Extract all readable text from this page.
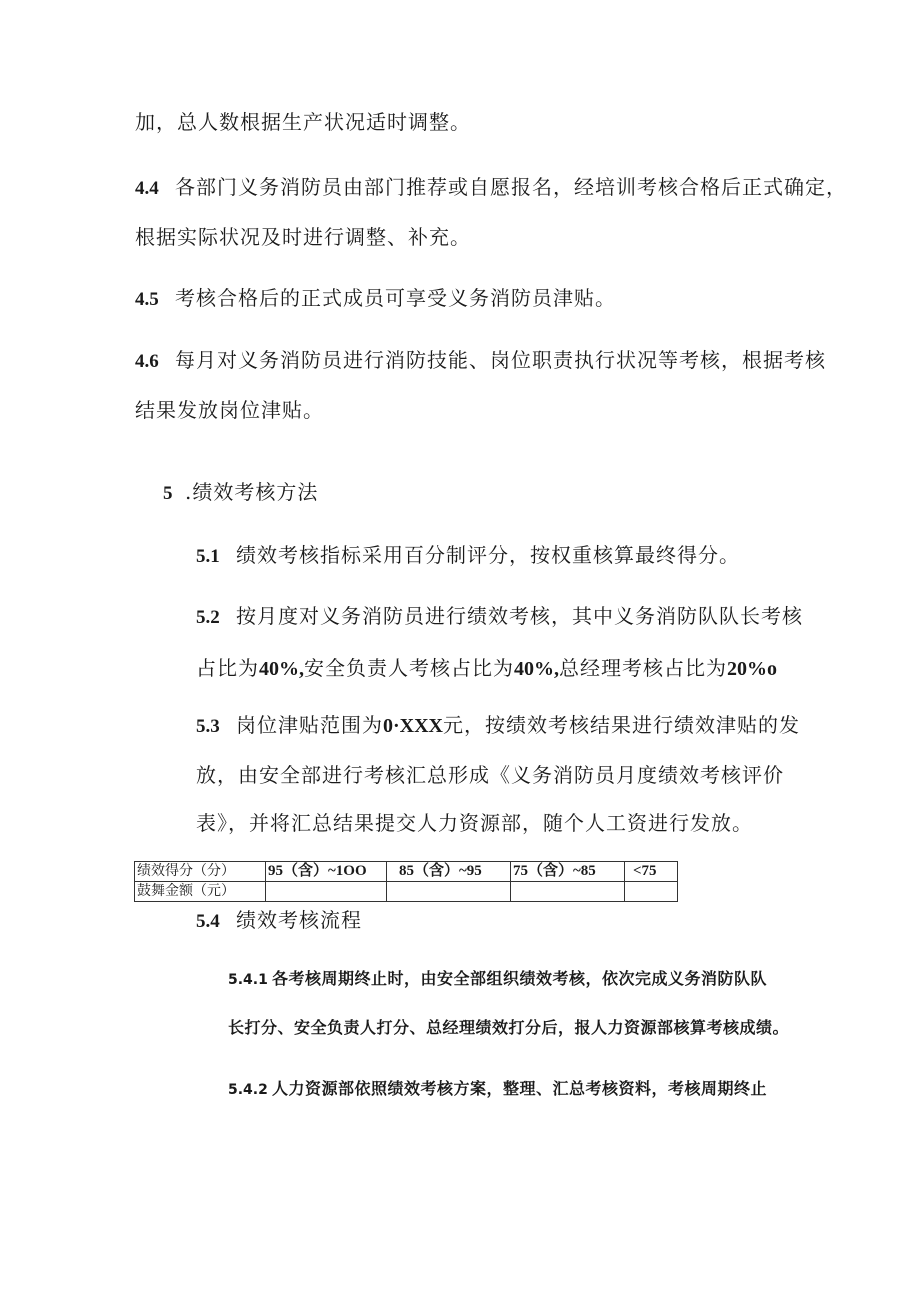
加，总人数根据生产状况适时调整。
4.4 各部门义务消防员由部门推荐或自愿报名，经培训考核合格后正式确定，
根据实际状况及时进行调整、补充。
4.5 考核合格后的正式成员可享受义务消防员津贴。
4.6 每月对义务消防员进行消防技能、岗位职责执行状况等考核，根据考核
结果发放岗位津贴。
5 .绩效考核方法
5.1 绩效考核指标采用百分制评分，按权重核算最终得分。
5.2 按月度对义务消防员进行绩效考核，其中义务消防队队长考核
占比为40%,安全负责人考核占比为40%,总经理考核占比为20%o
5.3 岗位津贴范围为0·XXX元，按绩效考核结果进行绩效津贴的发
放，由安全部进行考核汇总形成《义务消防员月度绩效考核评价
表》，并将汇总结果提交人力资源部，随个人工资进行发放。
绩效得分（分）	95（含）~1OO	85（含）~95	75（含）~85	<75
鼓舞金额（元）				
5.4 绩效考核流程
5.4.1 各考核周期终止时，由安全部组织绩效考核，依次完成义务消防队队
长打分、安全负责人打分、总经理绩效打分后，报人力资源部核算考核成绩。
5.4.2 人力资源部依照绩效考核方案，整理、汇总考核资料，考核周期终止
